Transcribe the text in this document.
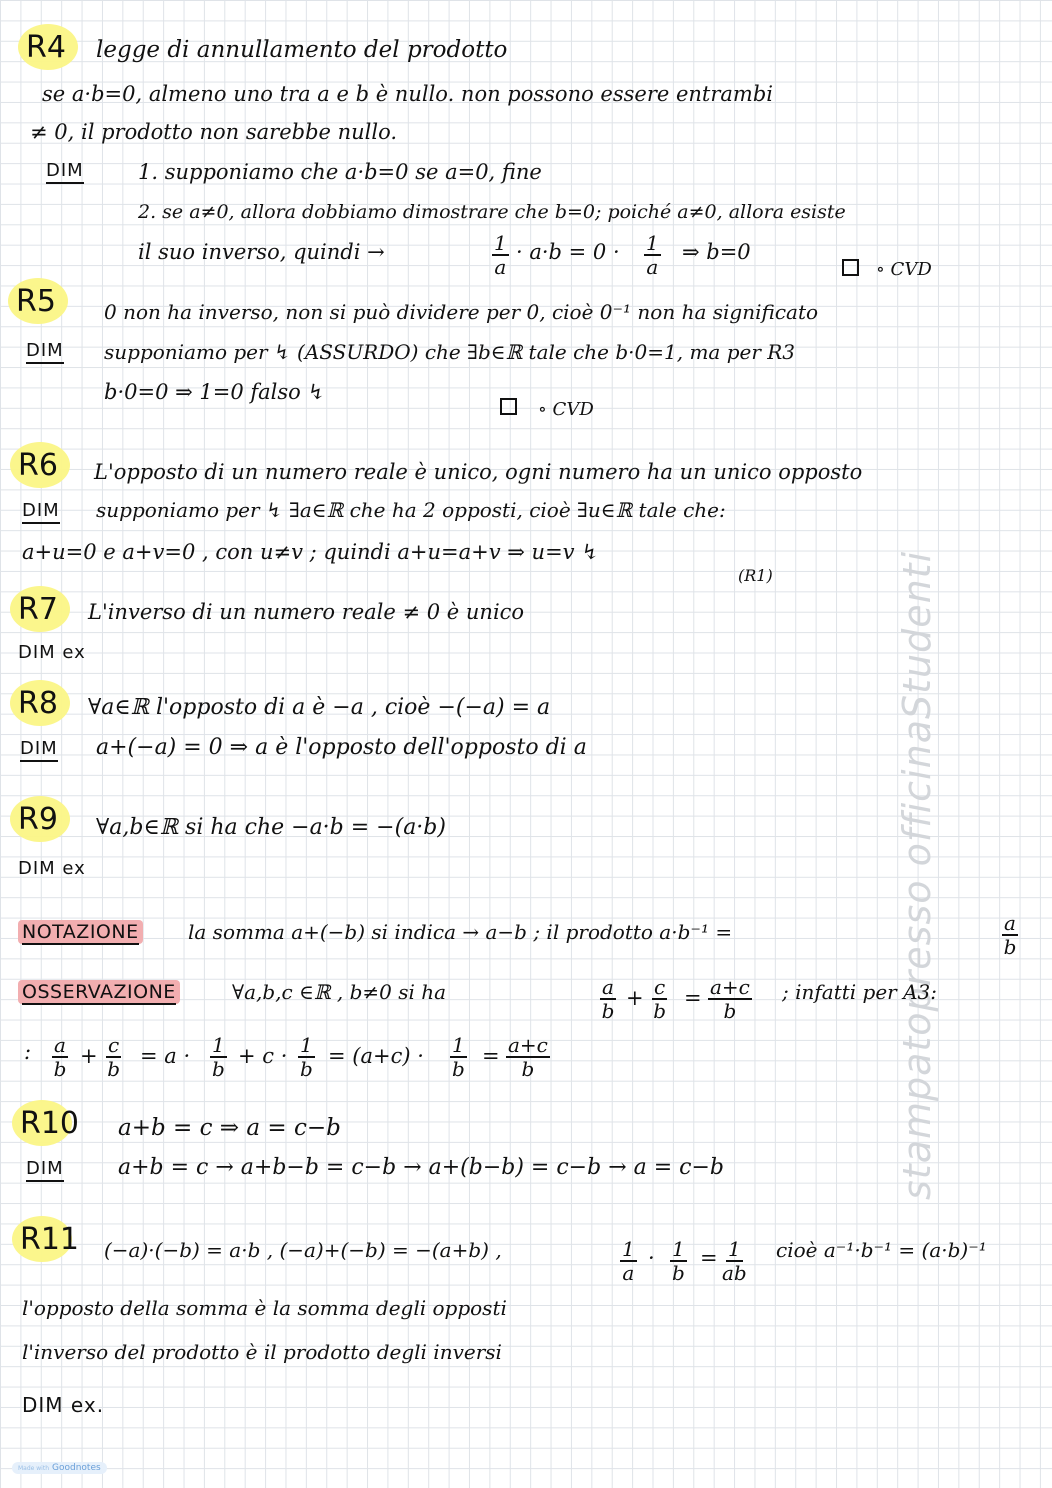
stampatopresso officinaStudenti
R4 legge di annullamento del prodotto
se a·b=0, almeno uno tra a e b è nullo. non possono essere entrambi
≠ 0, il prodotto non sarebbe nullo.
DIM	1. supponiamo che a·b=0 se a=0, fine
2. se a≠0, allora dobbiamo dimostrare che b=0; poiché a≠0, allora esiste
il suo inverso, quindi →	$\frac{1}{a} \cdot a\cdot b = 0 \cdot \frac{1}{a}$ ⇒ b=0
∘ CVD
R5 0 non ha inverso, non si può dividere per 0, cioè 0⁻¹ non ha significato
DIM supponiamo per ↯ (ASSURDO) che ∃b∈ℝ tale che b·0=1, ma per R3
b·0=0 ⇒ 1=0 falso ↯
∘ CVD
R6 L'opposto di un numero reale è unico, ogni numero ha un unico opposto
DIM supponiamo per ↯ ∃a∈ℝ che ha 2 opposti, cioè ∃u∈ℝ tale che:
a+u=0 e a+v=0 , con u≠v ; quindi a+u=a+v ⇒ u=v ↯
(R1)
R7 L'inverso di un numero reale ≠ 0 è unico
DIM ex
R8 ∀a∈ℝ l'opposto di a è −a , cioè −(−a) = a
DIM a+(−a) = 0 ⇒ a è l'opposto dell'opposto di a
R9 ∀a,b∈ℝ si ha che −a·b = −(a·b)
DIM ex
NOTAZIONE la somma a+(−b) si indica → a−b ; il prodotto a·b⁻¹ =	$\frac{a}{b}$
OSSERVAZIONE	∀a,b,c ∈ℝ , b≠0 si ha	$\frac{a}{b} + \frac{c}{b} = \frac{a+c}{b}$ ; infatti per A3:
: $\frac{a}{b} + \frac{c}{b} = a \cdot \frac{1}{b} + c \cdot \frac{1}{b} = (a+c) \cdot \frac{1}{b} = \frac{a+c}{b}$
R10 a+b = c ⇒ a = c−b
DIM a+b = c → a+b−b = c−b → a+(b−b) = c−b → a = c−b
R11 (−a)·(−b) = a·b , (−a)+(−b) = −(a+b) ,	$\frac{1}{a} \cdot \frac{1}{b} = \frac{1}{ab}$ cioè a⁻¹·b⁻¹ = (a·b)⁻¹
l'opposto della somma è la somma degli opposti
l'inverso del prodotto è il prodotto degli inversi
DIM ex.
Made with Goodnotes
